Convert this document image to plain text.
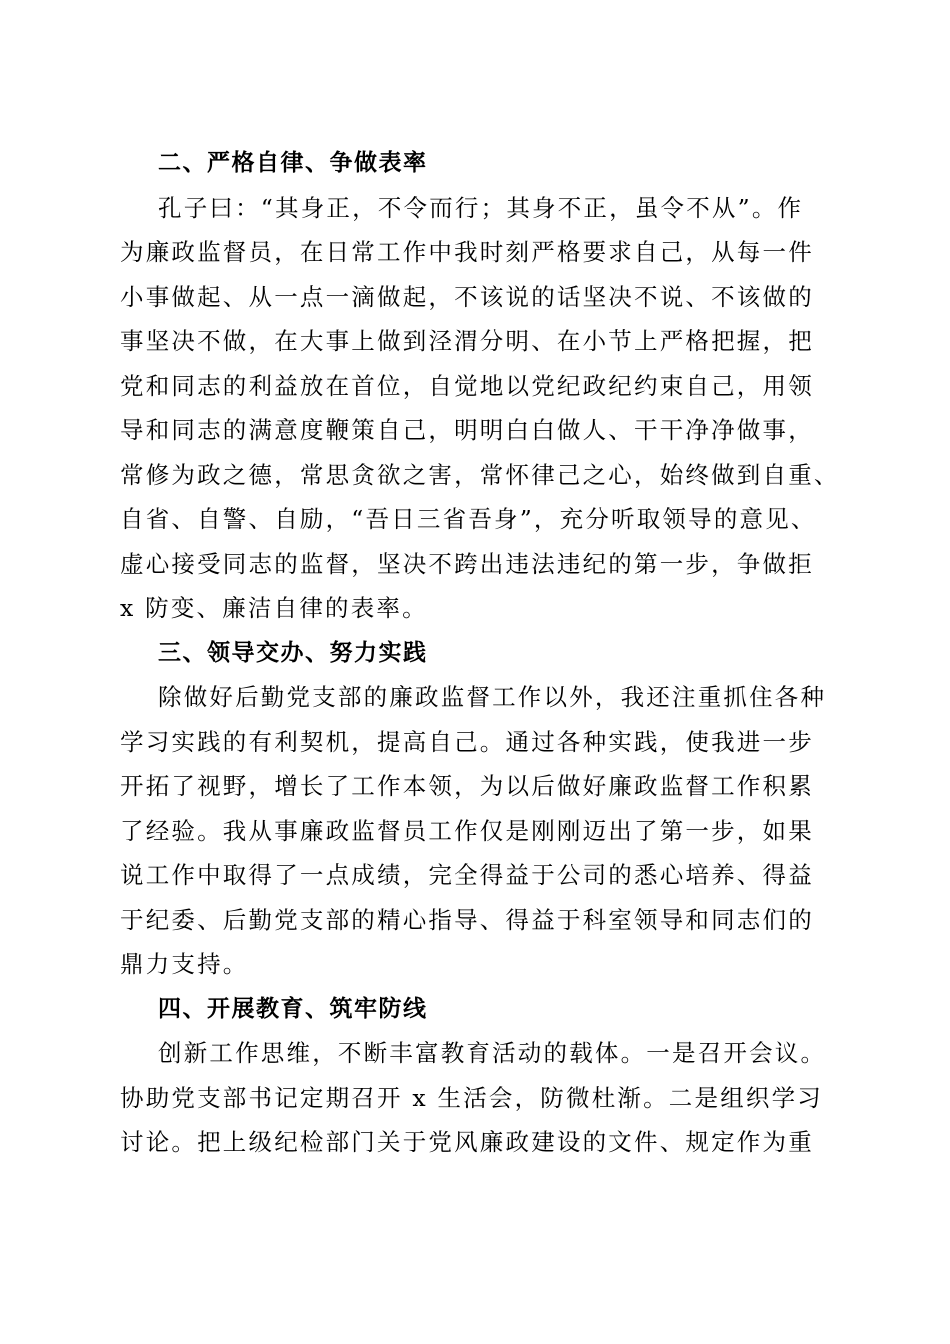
二、严格自律、争做表率
孔子曰：“其身正，不令而行；其身不正，虽令不从”。作
为廉政监督员，在日常工作中我时刻严格要求自己，从每一件
小事做起、从一点一滴做起，不该说的话坚决不说、不该做的
事坚决不做，在大事上做到泾渭分明、在小节上严格把握，把
党和同志的利益放在首位，自觉地以党纪政纪约束自己，用领
导和同志的满意度鞭策自己，明明白白做人、干干净净做事，
常修为政之德，常思贪欲之害，常怀律己之心，始终做到自重、
自省、自警、自励，“吾日三省吾身”，充分听取领导的意见、
虚心接受同志的监督，坚决不跨出违法违纪的第一步，争做拒
x 防变、廉洁自律的表率。
三、领导交办、努力实践
除做好后勤党支部的廉政监督工作以外，我还注重抓住各种
学习实践的有利契机，提高自己。通过各种实践，使我进一步
开拓了视野，增长了工作本领，为以后做好廉政监督工作积累
了经验。我从事廉政监督员工作仅是刚刚迈出了第一步，如果
说工作中取得了一点成绩，完全得益于公司的悉心培养、得益
于纪委、后勤党支部的精心指导、得益于科室领导和同志们的
鼎力支持。
四、开展教育、筑牢防线
创新工作思维，不断丰富教育活动的载体。一是召开会议。
协助党支部书记定期召开 x 生活会，防微杜渐。二是组织学习
讨论。把上级纪检部门关于党风廉政建设的文件、规定作为重
